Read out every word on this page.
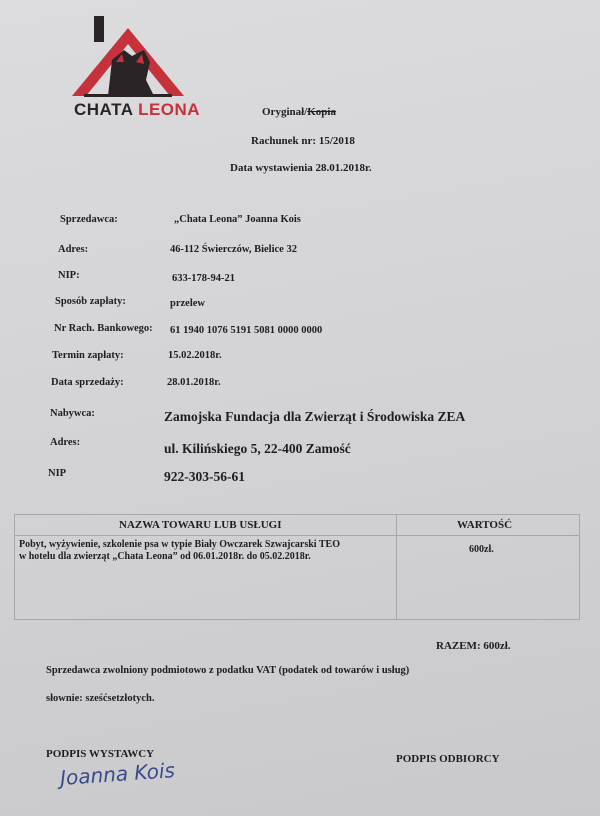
CHATA LEONA	Oryginał/Kopia
Rachunek nr: 15/2018
Data wystawienia 28.01.2018r.
Sprzedawca:	„Chata Leona” Joanna Kois
Adres:	46-112 Świerczów, Bielice 32
NIP:	633-178-94-21
Sposób zapłaty:	przelew
Nr Rach. Bankowego: 61 1940 1076 5191 5081 0000 0000
Termin zapłaty:	15.02.2018r.
Data sprzedaży:	28.01.2018r.
Nabywca:	Zamojska Fundacja dla Zwierząt i Środowiska ZEA
Adres:	ul. Kilińskiego 5, 22-400 Zamość
NIP	922-303-56-61
NAZWA TOWARU LUB USŁUGI	WARTOŚĆ
Pobyt, wyżywienie, szkolenie psa w typie Biały Owczarek Szwajcarski TEO
w hotelu dla zwierząt „Chata Leona” od 06.01.2018r. do 05.02.2018r.
600zł.
RAZEM: 600zł.
Sprzedawca zwolniony podmiotowo z podatku VAT (podatek od towarów i usług)
słownie: sześćsetzłotych.
PODPIS WYSTAWCY	PODPIS ODBIORCY
Joanna Kois
